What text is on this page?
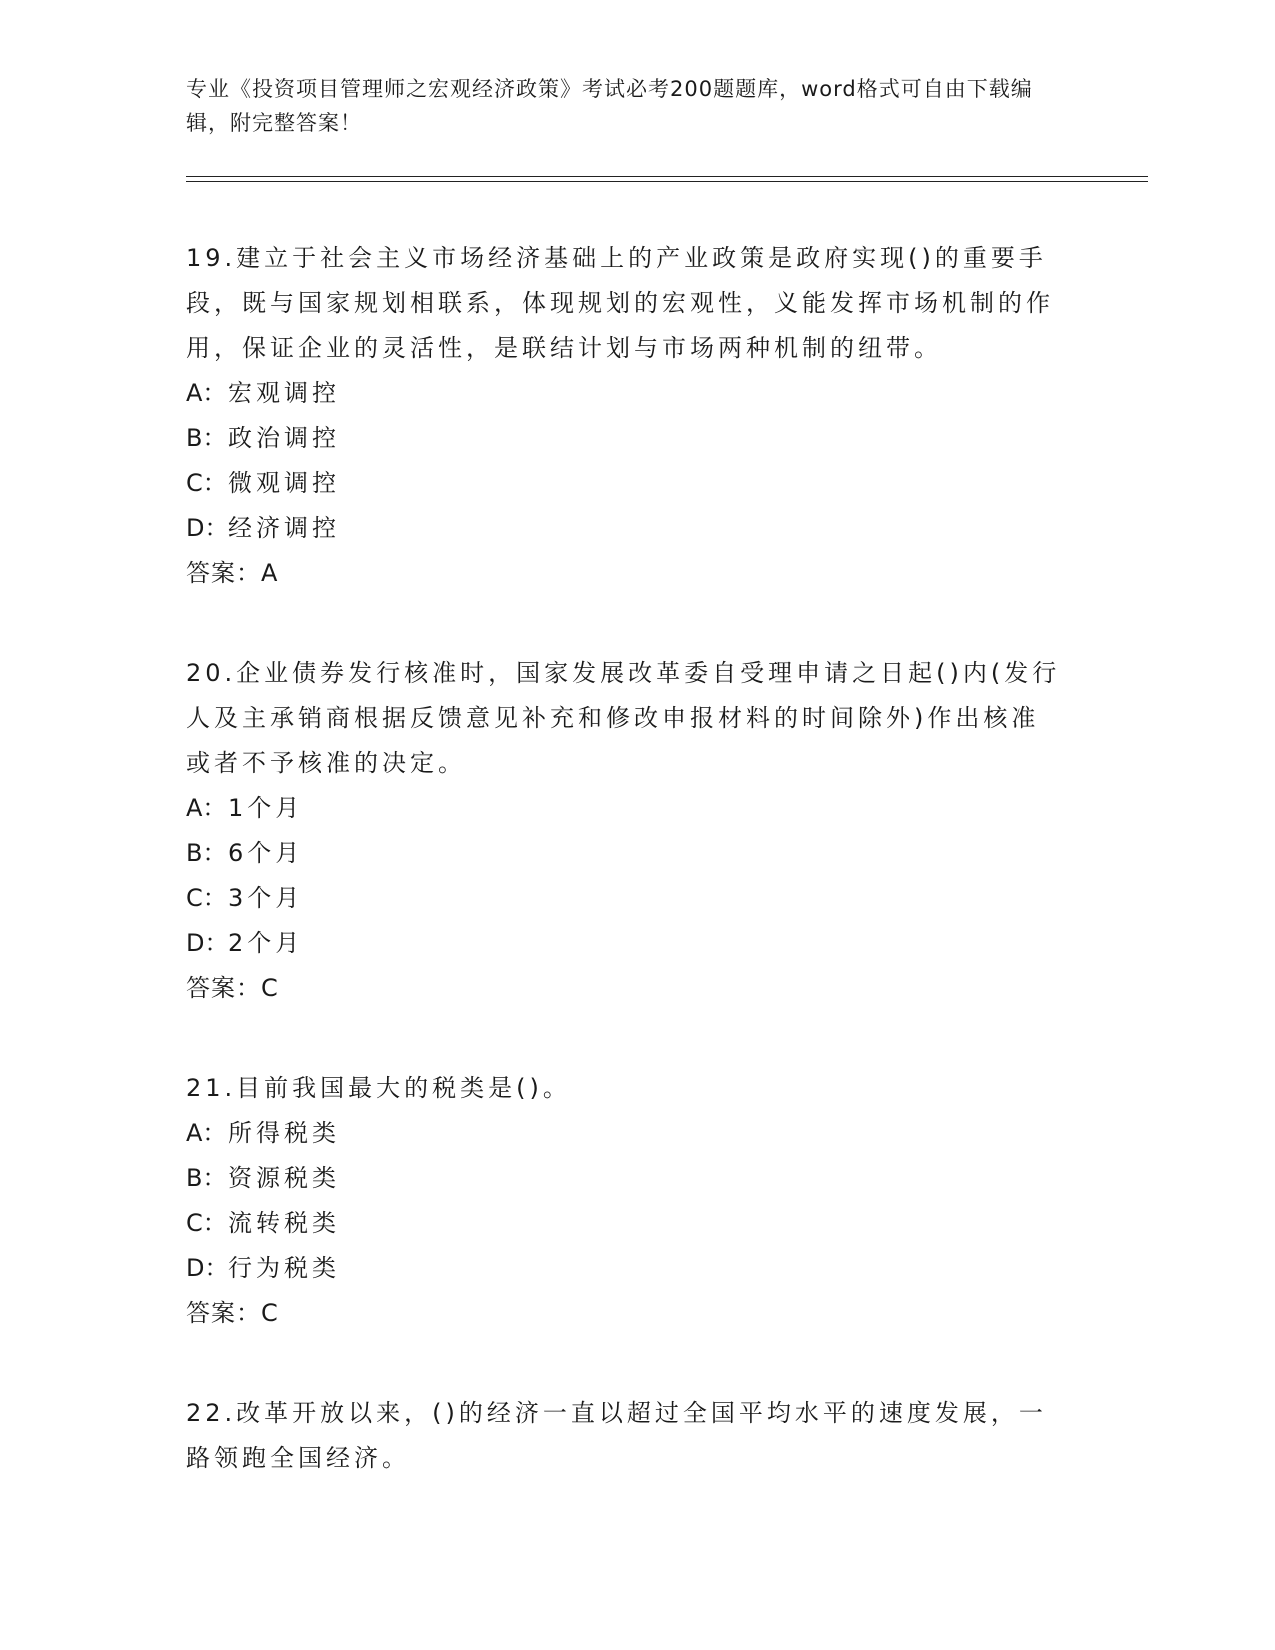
专业《投资项目管理师之宏观经济政策》考试必考200题题库，word格式可自由下载编辑，附完整答案！

19.建立于社会主义市场经济基础上的产业政策是政府实现()的重要手段，既与国家规划相联系，体现规划的宏观性，义能发挥市场机制的作用，保证企业的灵活性，是联结计划与市场两种机制的纽带。

A：宏观调控
B：政治调控
C：微观调控
D：经济调控
答案：A

20.企业债券发行核准时，国家发展改革委自受理申请之日起()内(发行人及主承销商根据反馈意见补充和修改申报材料的时间除外)作出核准或者不予核准的决定。

A：1个月
B：6个月
C：3个月
D：2个月
答案：C

21.目前我国最大的税类是()。

A：所得税类
B：资源税类
C：流转税类
D：行为税类
答案：C

22.改革开放以来，()的经济一直以超过全国平均水平的速度发展，一路领跑全国经济。
